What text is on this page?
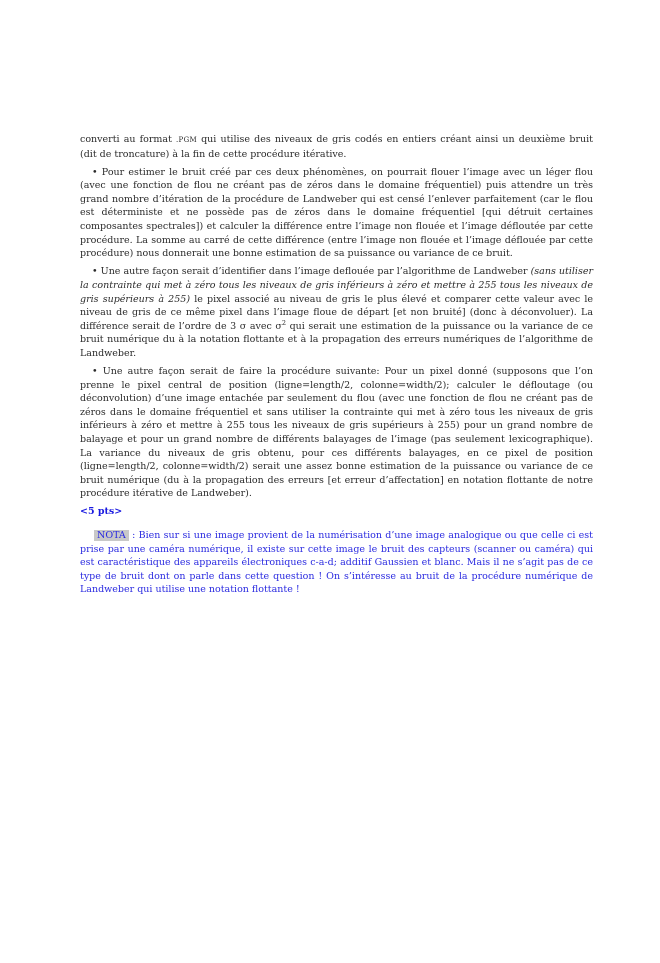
converti au format .PGM qui utilise des niveaux de gris codés en entiers créant ainsi un deuxième bruit (dit de troncature) à la fin de cette procédure itérative.

• Pour estimer le bruit créé par ces deux phénomènes, on pourrait flouer l’image avec un léger flou (avec une fonction de flou ne créant pas de zéros dans le domaine fréquentiel) puis attendre un très grand nombre d’itération de la procédure de Landweber qui est censé l’enlever parfaitement (car le flou est déterministe et ne possède pas de zéros dans le domaine fréquentiel [qui détruit certaines composantes spectrales]) et calculer la différence entre l’image non flouée et l’image défloutée par cette procédure. La somme au carré de cette différence (entre l’image non flouée et l’image déflouée par cette procédure) nous donnerait une bonne estimation de sa puissance ou variance de ce bruit.

• Une autre façon serait d’identifier dans l’image deflouée par l’algorithme de Landweber (sans utiliser la contrainte qui met à zéro tous les niveaux de gris inférieurs à zéro et mettre à 255 tous les niveaux de gris supérieurs à 255) le pixel associé au niveau de gris le plus élevé et comparer cette valeur avec le niveau de gris de ce même pixel dans l’image floue de départ [et non bruité] (donc à déconvoluer). La différence serait de l’ordre de 3 σ avec $\sigma^2$ qui serait une estimation de la puissance ou la variance de ce bruit numérique du à la notation flottante et à la propagation des erreurs numériques de l’algorithme de Landweber.

• Une autre façon serait de faire la procédure suivante: Pour un pixel donné (supposons que l’on prenne le pixel central de position (ligne=length/2, colonne=width/2); calculer le défloutage (ou déconvolution) d’une image entachée par seulement du flou (avec une fonction de flou ne créant pas de zéros dans le domaine fréquentiel et sans utiliser la contrainte qui met à zéro tous les niveaux de gris inférieurs à zéro et mettre à 255 tous les niveaux de gris supérieurs à 255) pour un grand nombre de balayage et pour un grand nombre de différents balayages de l’image (pas seulement lexicographique). La variance du niveaux de gris obtenu, pour ces différents balayages, en ce pixel de position (ligne=length/2, colonne=width/2) serait une assez bonne estimation de la puissance ou variance de ce bruit numérique (du à la propagation des erreurs [et erreur d’affectation] en notation flottante de notre procédure itérative de Landweber).

<5 pts>

NOTA : Bien sur si une image provient de la numérisation d’une image analogique ou que celle ci est prise par une caméra numérique, il existe sur cette image le bruit des capteurs (scanner ou caméra) qui est caractéristique des appareils électroniques c-a-d; additif Gaussien et blanc. Mais il ne s’agit pas de ce type de bruit dont on parle dans cette question ! On s’intéresse au bruit de la procédure numérique de Landweber qui utilise une notation flottante !
